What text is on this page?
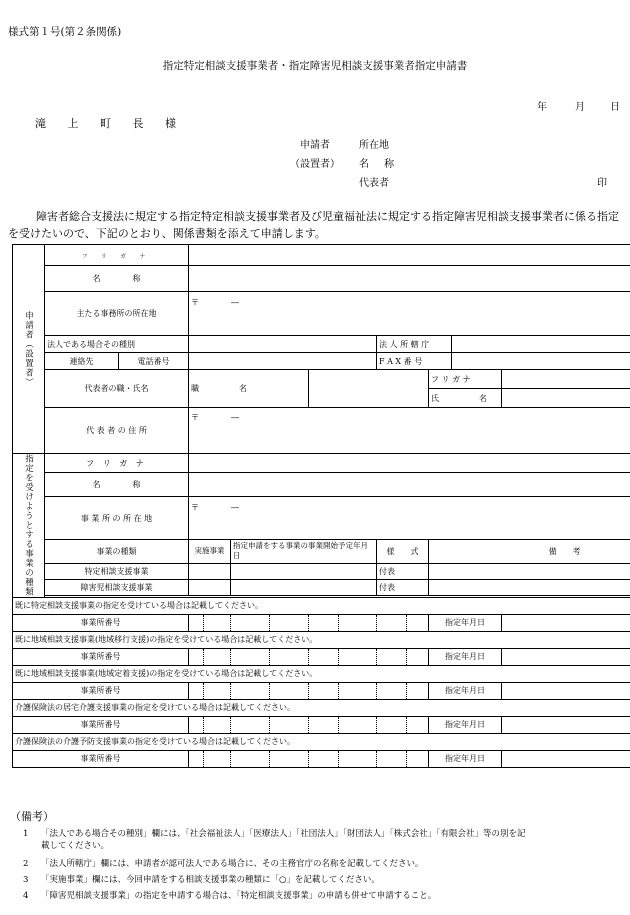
様式第１号(第２条関係)
指定特定相談支援事業者・指定障害児相談支援事業者指定申請書
年	月	日
滝 上 町 長 様
申請者
（設置者）
所在地
名 称
代表者	印
障害者総合支援法に規定する指定特定相談支援事業者及び児童福祉法に規定する指定障害児相談支援事業者に係る指定を受けたいので、下記のとおり、関係書類を添えて申請します。
申請者（設置者）	フ リ ガ ナ												
	名　　　　称												
	主たる事務所の所在地		〒　　　　―										
	法人である場合その種別								法 人 所 轄 庁				
	連絡先	電話番号							F A X 番 号				
	代表者の職・氏名		職　　　　　名								フ リ ガ ナ		
											氏　　　　　名		
	代 表 者 の 住 所		〒　　　　―										

指定を受けようとする事業の種類	フ リ ガ ナ												
	名　　　　称												
	事 業 所 の 所 在 地		〒　　　　―										
	事業の種類		実施事業		指定申請をする事業の事業開始予定年月日				様　　式		備　　考		
	特定相談支援事業								付表				
	障害児相談支援事業								付表				

既に特定相談支援事業の指定を受けている場合は記載してください。													
事業所番号											指定年月日		
既に地域相談支援事業(地域移行支援)の指定を受けている場合は記載してください。													
事業所番号											指定年月日		
既に地域相談支援事業(地域定着支援)の指定を受けている場合は記載してください。													
事業所番号											指定年月日		
介護保険法の居宅介護支援事業の指定を受けている場合は記載してください。													
事業所番号											指定年月日		
介護保険法の介護予防支援事業の指定を受けている場合は記載してください。													
事業所番号											指定年月日		
（備考）
1 「法人である場合その種別」欄には、「社会福祉法人」「医療法人」「社団法人」「財団法人」「株式会社」「有限会社」等の別を記
載してください。
2 「法人所轄庁」欄には、申請者が認可法人である場合に、その主務官庁の名称を記載してください。
3 「実施事業」欄には、今回申請をする相談支援事業の種類に「○」を記載してください。
4 「障害児相談支援事業」の指定を申請する場合は、「特定相談支援事業」の申請も併せて申請すること。
